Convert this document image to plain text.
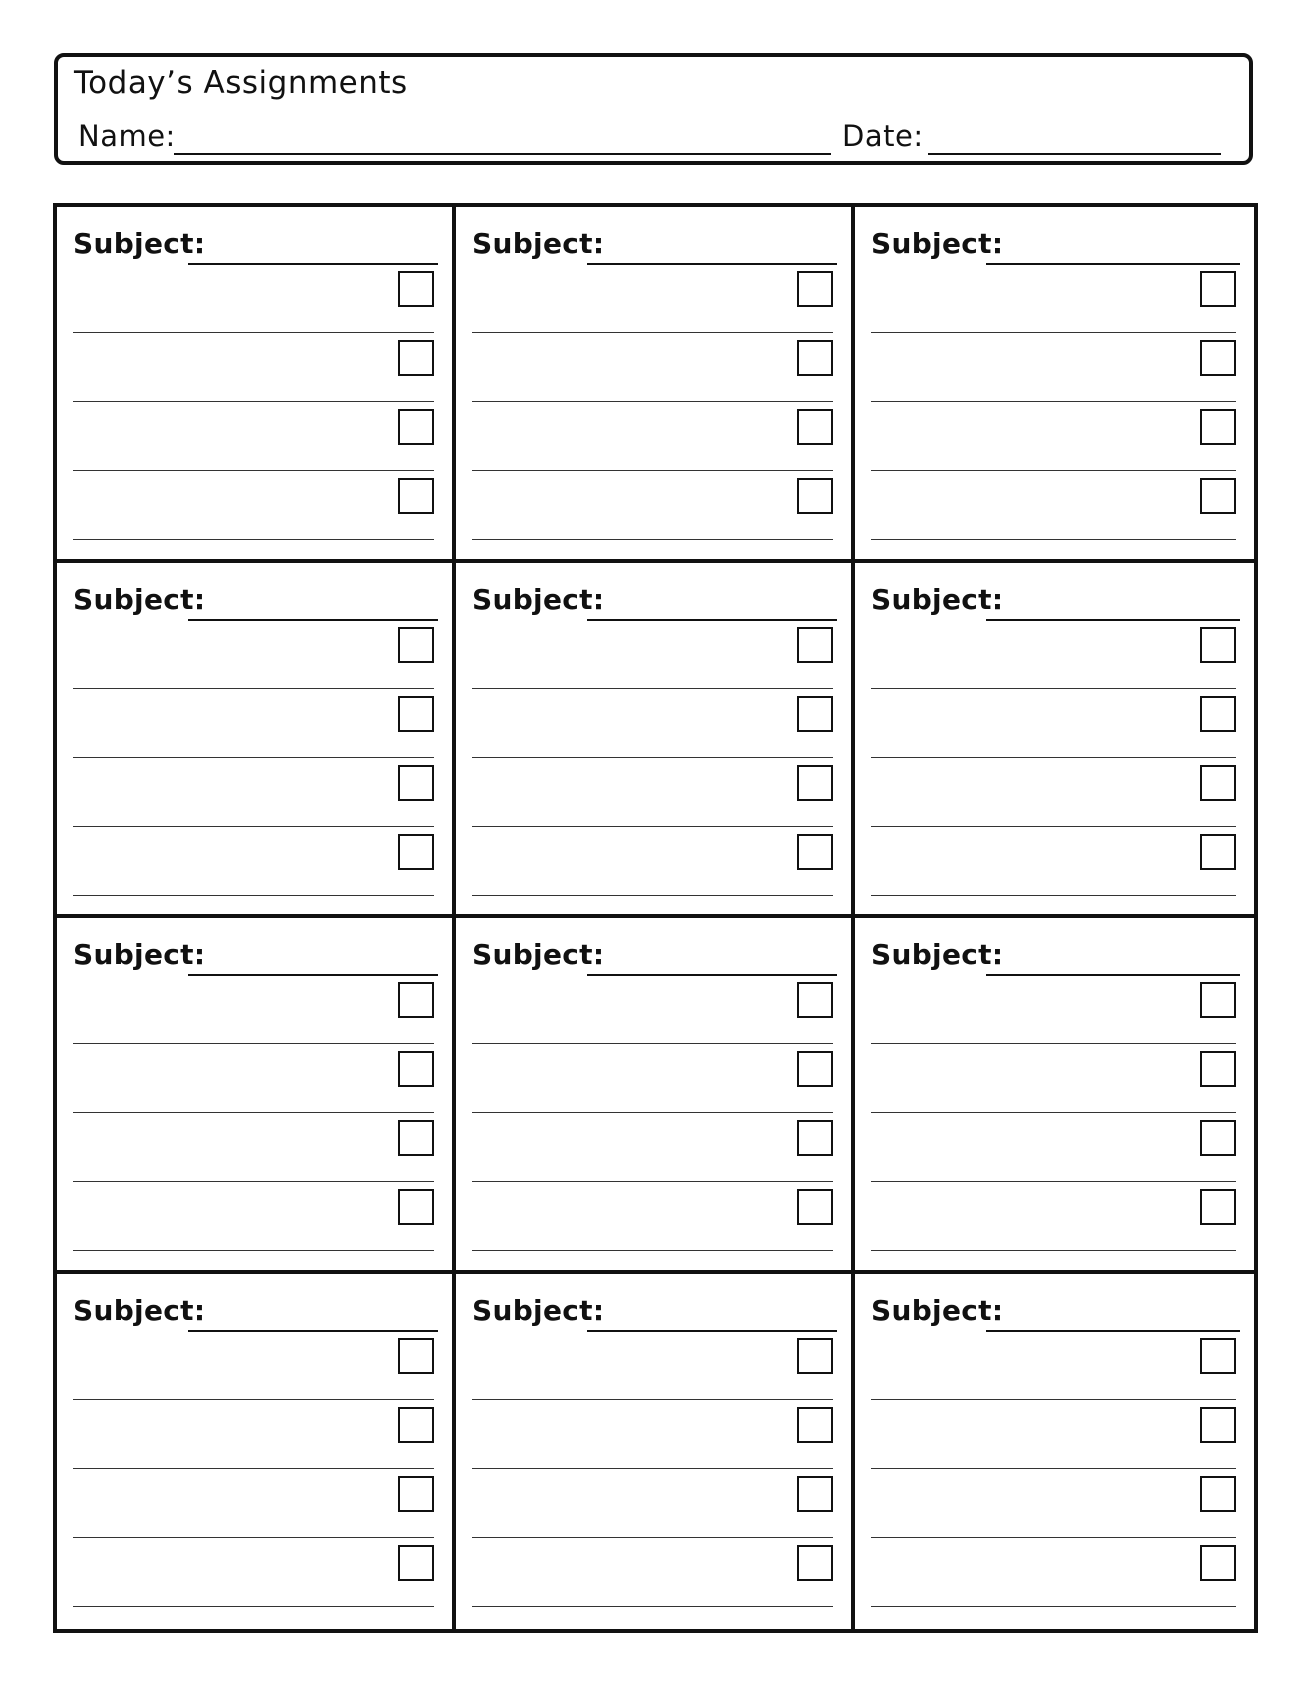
Today’s Assignments
Name:	Date:
Subject:	Subject:	Subject:
Subject:	Subject:	Subject:
Subject:	Subject:	Subject:
Subject:	Subject:	Subject:
